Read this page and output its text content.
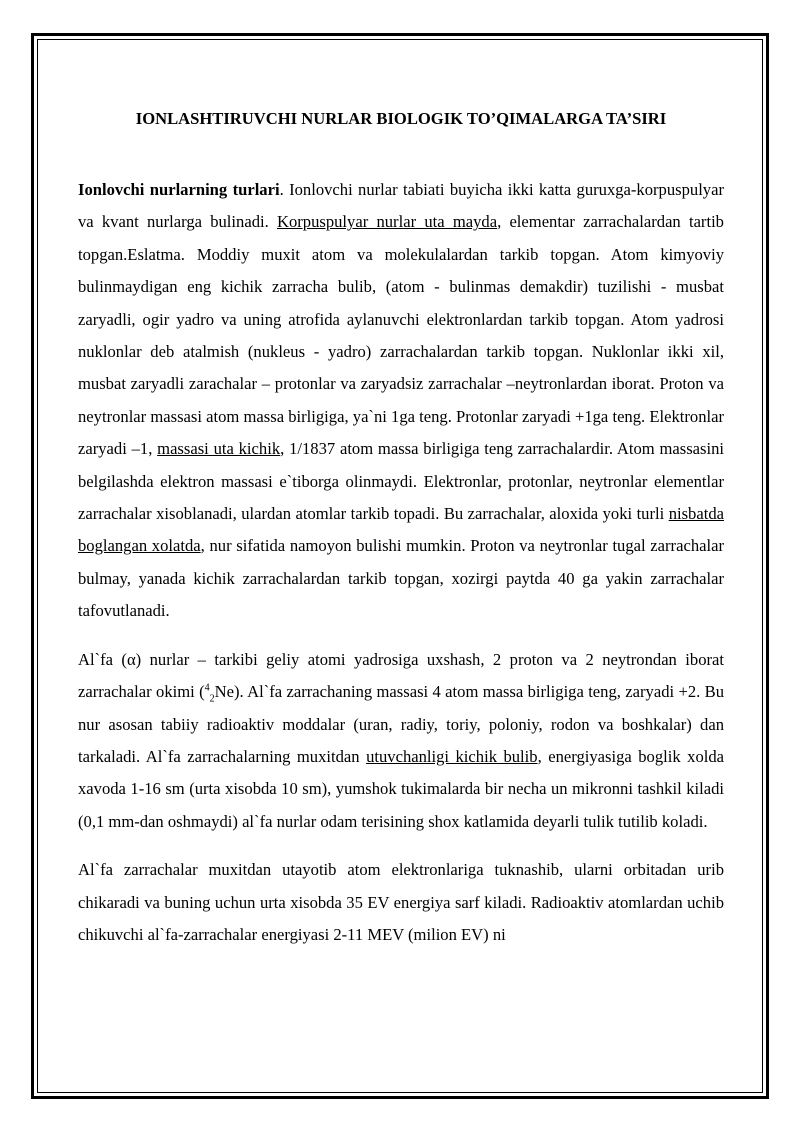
IONLASHTIRUVCHI NURLAR BIOLOGIK TO’QIMALARGA TA’SIRI

Ionlovchi nurlarning turlari. Ionlovchi nurlar tabiati buyicha ikki katta guruxga-korpuspulyar va kvant nurlarga bulinadi. Korpuspulyar nurlar uta mayda, elementar zarrachalardan tartib topgan.Eslatma. Moddiy muxit atom va molekulalardan tarkib topgan. Atom kimyoviy bulinmaydigan eng kichik zarracha bulib, (atom - bulinmas demakdir) tuzilishi - musbat zaryadli, ogir yadro va uning atrofida aylanuvchi elektronlardan tarkib topgan. Atom yadrosi nuklonlar deb atalmish (nukleus - yadro) zarrachalardan tarkib topgan. Nuklonlar ikki xil, musbat zaryadli zarachalar – protonlar va zaryadsiz zarrachalar –neytronlardan iborat. Proton va neytronlar massasi atom massa birligiga, ya`ni 1ga teng. Protonlar zaryadi +1ga teng. Elektronlar zaryadi –1, massasi uta kichik, 1/1837 atom massa birligiga teng zarrachalardir. Atom massasini belgilashda elektron massasi e`tiborga olinmaydi. Elektronlar, protonlar, neytronlar elementlar zarrachalar xisoblanadi, ulardan atomlar tarkib topadi. Bu zarrachalar, aloxida yoki turli nisbatda boglangan xolatda, nur sifatida namoyon bulishi mumkin. Proton va neytronlar tugal zarrachalar bulmay, yanada kichik zarrachalardan tarkib topgan, xozirgi paytda 40 ga yakin zarrachalar tafovutlanadi.

Al`fa (α) nurlar – tarkibi geliy atomi yadrosiga uxshash, 2 proton va 2 neytrondan iborat zarrachalar okimi ($^4_2$Ne). Al`fa zarrachaning massasi 4 atom massa birligiga teng, zaryadi +2. Bu nur asosan tabiiy radioaktiv moddalar (uran, radiy, toriy, poloniy, rodon va boshkalar) dan tarkaladi. Al`fa zarrachalarning muxitdan utuvchanligi kichik bulib, energiyasiga boglik xolda xavoda 1-16 sm (urta xisobda 10 sm), yumshok tukimalarda bir necha un mikronni tashkil kiladi (0,1 mm-dan oshmaydi) al`fa nurlar odam terisining shox katlamida deyarli tulik tutilib koladi.

Al`fa zarrachalar muxitdan utayotib atom elektronlariga tuknashib, ularni orbitadan urib chikaradi va buning uchun urta xisobda 35 EV energiya sarf kiladi. Radioaktiv atomlardan uchib chikuvchi al`fa-zarrachalar energiyasi 2-11 MEV (milion EV) ni
